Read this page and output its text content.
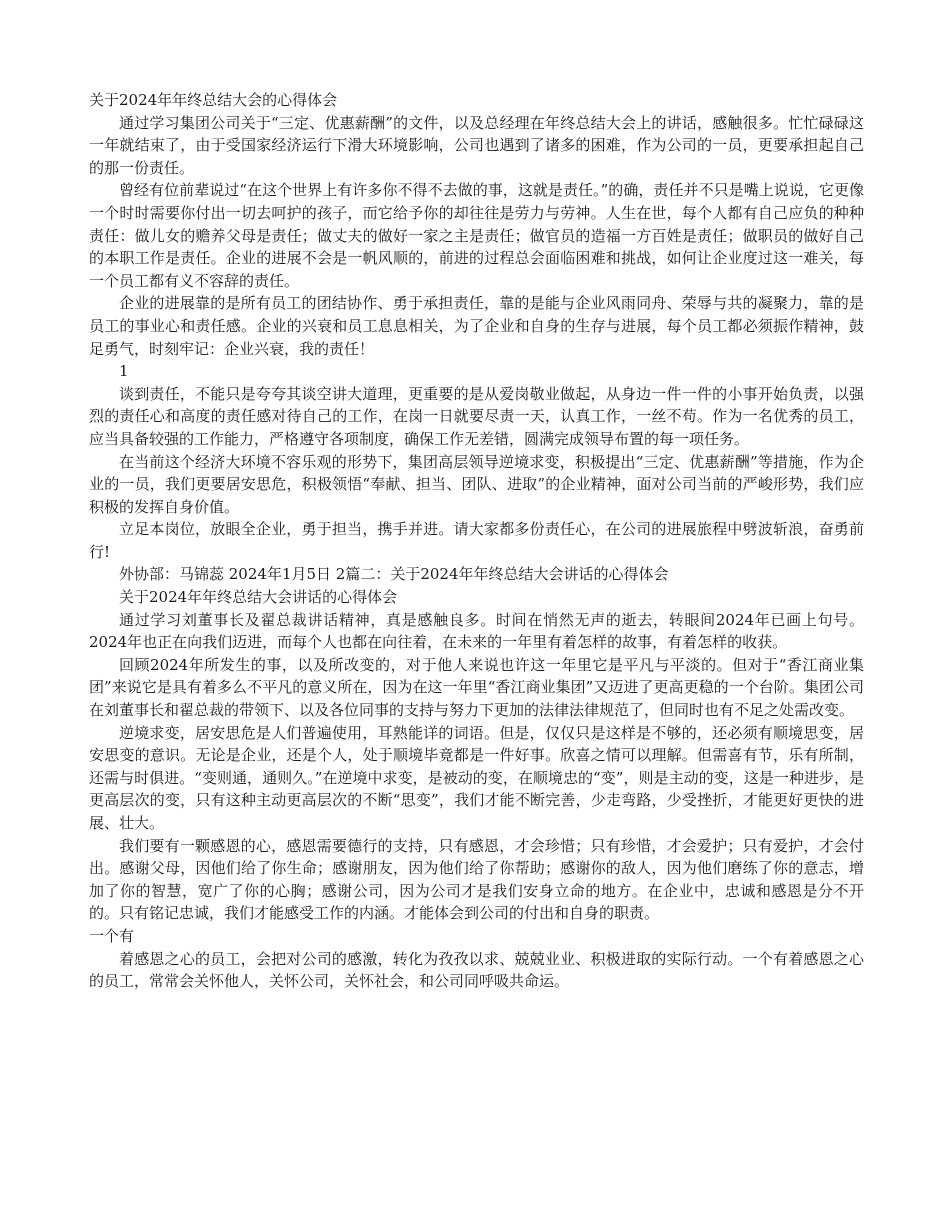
关于2024年年终总结大会的心得体会

通过学习集团公司关于“三定、优惠薪酬”的文件，以及总经理在年终总结大会上的讲话，感触很多。忙忙碌碌这一年就结束了，由于受国家经济运行下滑大环境影响，公司也遇到了诸多的困难，作为公司的一员，更要承担起自己的那一份责任。

曾经有位前辈说过“在这个世界上有许多你不得不去做的事，这就是责任。”的确，责任并不只是嘴上说说，它更像一个时时需要你付出一切去呵护的孩子，而它给予你的却往往是劳力与劳神。人生在世，每个人都有自己应负的种种责任：做儿女的赡养父母是责任；做丈夫的做好一家之主是责任；做官员的造福一方百姓是责任；做职员的做好自己的本职工作是责任。企业的进展不会是一帆风顺的，前进的过程总会面临困难和挑战，如何让企业度过这一难关，每一个员工都有义不容辞的责任。

企业的进展靠的是所有员工的团结协作、勇于承担责任，靠的是能与企业风雨同舟、荣辱与共的凝聚力，靠的是员工的事业心和责任感。企业的兴衰和员工息息相关，为了企业和自身的生存与进展，每个员工都必须振作精神，鼓足勇气，时刻牢记：企业兴衰，我的责任！

1

谈到责任，不能只是夸夸其谈空讲大道理，更重要的是从爱岗敬业做起，从身边一件一件的小事开始负责，以强烈的责任心和高度的责任感对待自己的工作，在岗一日就要尽责一天，认真工作，一丝不苟。作为一名优秀的员工，应当具备较强的工作能力，严格遵守各项制度，确保工作无差错，圆满完成领导布置的每一项任务。

在当前这个经济大环境不容乐观的形势下，集团高层领导逆境求变，积极提出“三定、优惠薪酬”等措施，作为企业的一员，我们更要居安思危，积极领悟“奉献、担当、团队、进取”的企业精神，面对公司当前的严峻形势，我们应积极的发挥自身价值。

立足本岗位，放眼全企业，勇于担当，携手并进。请大家都多份责任心，在公司的进展旅程中劈波斩浪，奋勇前行!

外协部：马锦蕊 2024年1月5日 2篇二：关于2024年年终总结大会讲话的心得体会

关于2024年年终总结大会讲话的心得体会

通过学习刘董事长及翟总裁讲话精神，真是感触良多。时间在悄然无声的逝去，转眼间2024年已画上句号。2024年也正在向我们迈进，而每个人也都在向往着，在未来的一年里有着怎样的故事，有着怎样的收获。

回顾2024年所发生的事，以及所改变的，对于他人来说也许这一年里它是平凡与平淡的。但对于“香江商业集团”来说它是具有着多么不平凡的意义所在，因为在这一年里“香江商业集团”又迈进了更高更稳的一个台阶。集团公司在刘董事长和翟总裁的带领下、以及各位同事的支持与努力下更加的法律法律规范了，但同时也有不足之处需改变。

逆境求变，居安思危是人们普遍使用，耳熟能详的词语。但是，仅仅只是这样是不够的，还必须有顺境思变，居安思变的意识。无论是企业，还是个人，处于顺境毕竟都是一件好事。欣喜之情可以理解。但需喜有节，乐有所制，还需与时俱进。“变则通，通则久。”在逆境中求变，是被动的变，在顺境忠的“变”，则是主动的变，这是一种进步，是更高层次的变，只有这种主动更高层次的不断“思变”，我们才能不断完善，少走弯路，少受挫折，才能更好更快的进展、壮大。

我们要有一颗感恩的心，感恩需要德行的支持，只有感恩，才会珍惜；只有珍惜，才会爱护；只有爱护，才会付出。感谢父母，因他们给了你生命；感谢朋友，因为他们给了你帮助；感谢你的敌人，因为他们磨练了你的意志，增加了你的智慧，宽广了你的心胸；感谢公司，因为公司才是我们安身立命的地方。在企业中，忠诚和感恩是分不开的。只有铭记忠诚，我们才能感受工作的内涵。才能体会到公司的付出和自身的职责。

一个有

着感恩之心的员工，会把对公司的感激，转化为孜孜以求、兢兢业业、积极进取的实际行动。一个有着感恩之心的员工，常常会关怀他人，关怀公司，关怀社会，和公司同呼吸共命运。
